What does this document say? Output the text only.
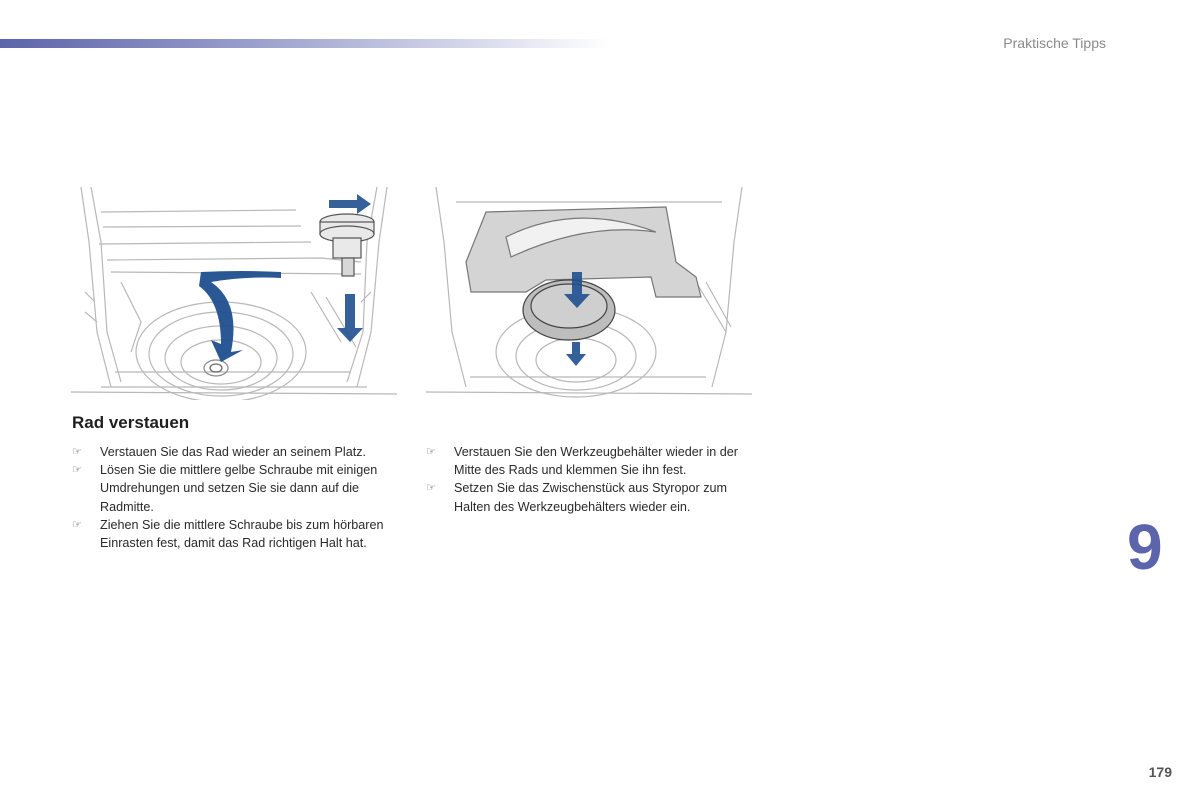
Praktische Tipps
Rad verstauen
☞ Verstauen Sie das Rad wieder an seinem Platz.
☞ Lösen Sie die mittlere gelbe Schraube mit einigen Umdrehungen und setzen Sie sie dann auf die Radmitte.
☞ Ziehen Sie die mittlere Schraube bis zum hörbaren Einrasten fest, damit das Rad richtigen Halt hat.
☞ Verstauen Sie den Werkzeugbehälter wieder in der Mitte des Rads und klemmen Sie ihn fest.
☞ Setzen Sie das Zwischenstück aus Styropor zum Halten des Werkzeugbehälters wieder ein.
9
179
